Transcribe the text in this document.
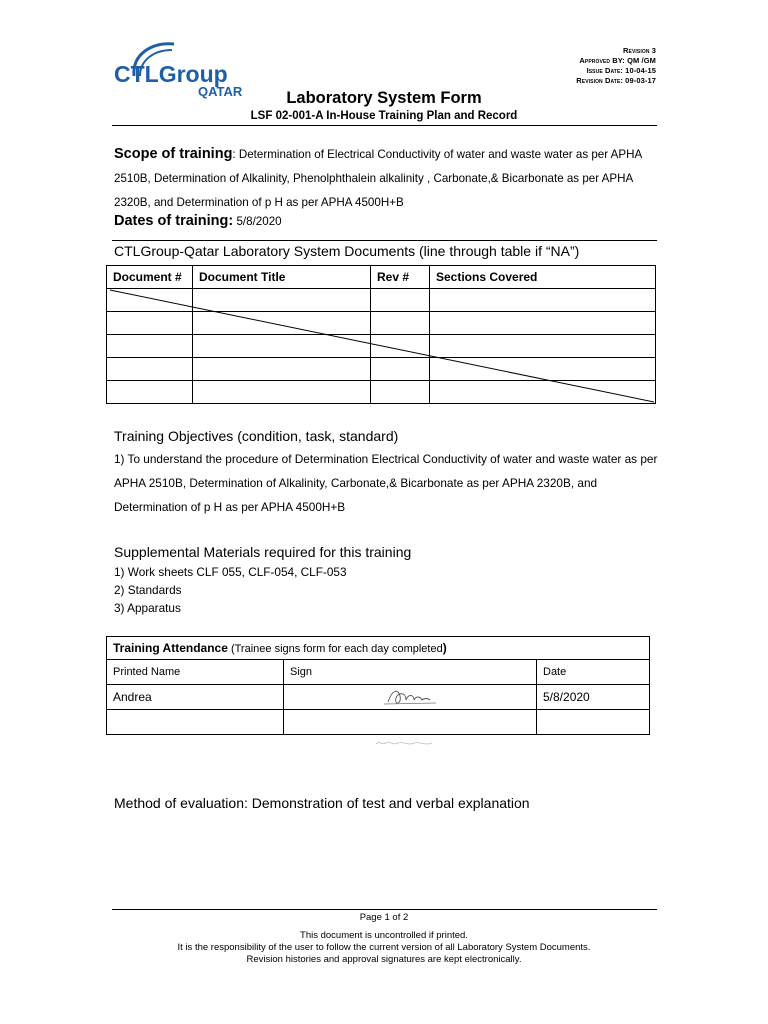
CTLGroup
QATAR
Revision 3
Approved BY: QM /GM
Issue Date: 10-04-15
Revision Date: 09-03-17
Laboratory System Form
LSF 02-001-A In-House Training Plan and Record
Scope of training: Determination of Electrical Conductivity of water and waste water as per APHA 2510B, Determination of Alkalinity, Phenolphthalein alkalinity , Carbonate,& Bicarbonate as per APHA 2320B, and Determination of p H as per APHA 4500H+B
Dates of training: 5/8/2020
CTLGroup-Qatar Laboratory System Documents (line through table if “NA”)
Document #	Document Title	Rev #	Sections Covered

Training Objectives (condition, task, standard)
1) To understand the procedure of Determination Electrical Conductivity of water and waste water as per APHA 2510B, Determination of Alkalinity, Carbonate,& Bicarbonate as per APHA 2320B, and Determination of p H as per APHA 4500H+B
Supplemental Materials required for this training
1) Work sheets CLF 055, CLF-054, CLF-053
2) Standards
3) Apparatus
Training Attendance (Trainee signs form for each day completed)		
Printed Name	Sign	Date
Andrea		5/8/2020

Method of evaluation: Demonstration of test and verbal explanation
Page 1 of 2
This document is uncontrolled if printed.
It is the responsibility of the user to follow the current version of all Laboratory System Documents.
Revision histories and approval signatures are kept electronically.
